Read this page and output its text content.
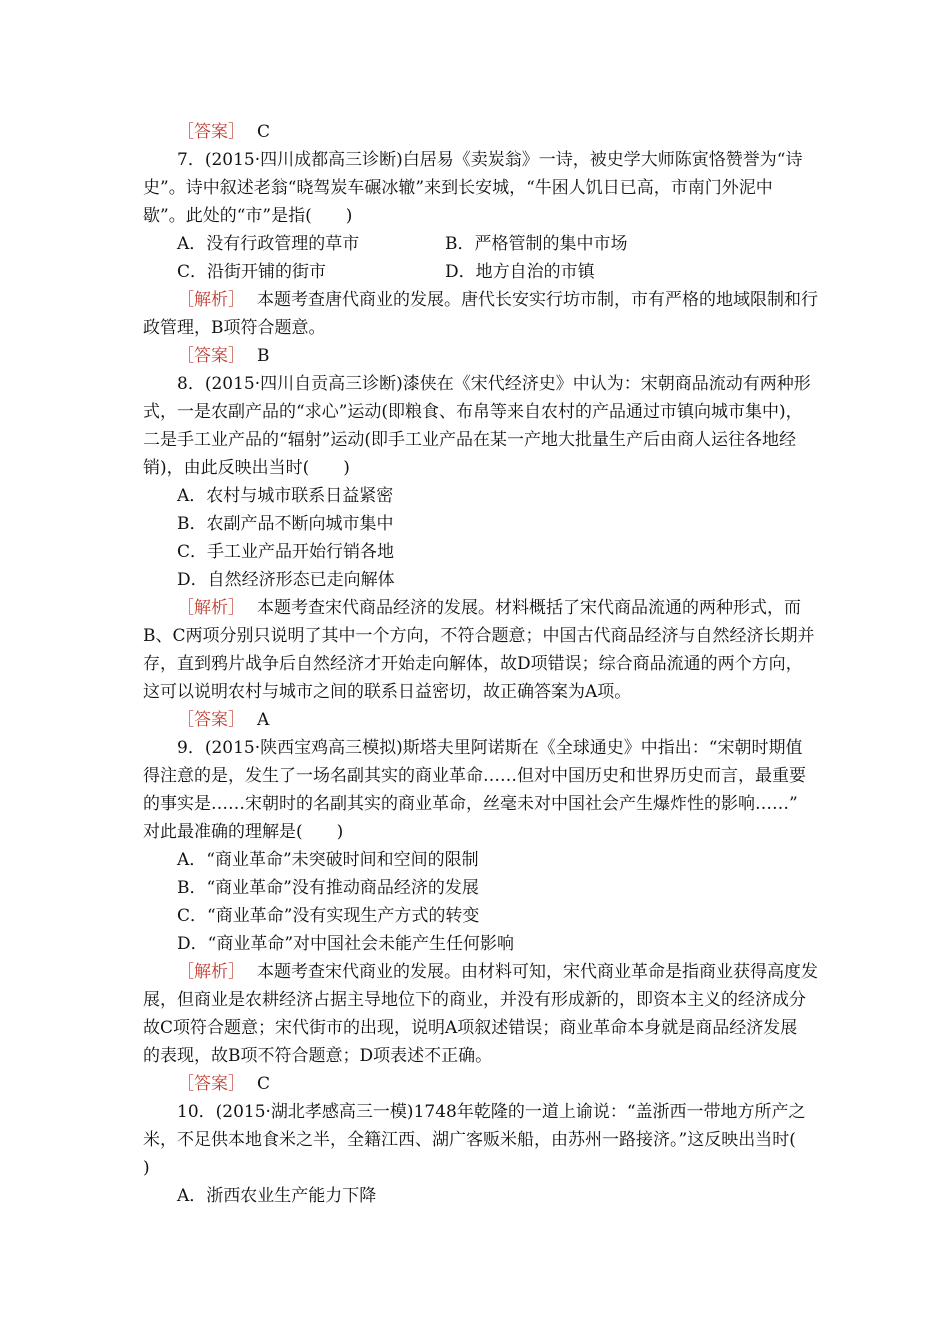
［答案］ C
7．(2015·四川成都高三诊断)白居易《卖炭翁》一诗，被史学大师陈寅恪赞誉为“诗
史”。诗中叙述老翁“晓驾炭车碾冰辙”来到长安城，“牛困人饥日已高，市南门外泥中
歇”。此处的“市”是指(　　)
A．没有行政管理的草市	B．严格管制的集中市场
C．沿街开铺的街市	D．地方自治的市镇
［解析］ 本题考查唐代商业的发展。唐代长安实行坊市制，市有严格的地域限制和行
政管理，B项符合题意。
［答案］ B
8．(2015·四川自贡高三诊断)漆侠在《宋代经济史》中认为：宋朝商品流动有两种形
式，一是农副产品的“求心”运动(即粮食、布帛等来自农村的产品通过市镇向城市集中)，
二是手工业产品的“辐射”运动(即手工业产品在某一产地大批量生产后由商人运往各地经
销)，由此反映出当时(　　)
A．农村与城市联系日益紧密
B．农副产品不断向城市集中
C．手工业产品开始行销各地
D．自然经济形态已走向解体
［解析］ 本题考查宋代商品经济的发展。材料概括了宋代商品流通的两种形式，而
B、C两项分别只说明了其中一个方向，不符合题意；中国古代商品经济与自然经济长期并
存，直到鸦片战争后自然经济才开始走向解体，故D项错误；综合商品流通的两个方向，
这可以说明农村与城市之间的联系日益密切，故正确答案为A项。
［答案］ A
9．(2015·陕西宝鸡高三模拟)斯塔夫里阿诺斯在《全球通史》中指出：“宋朝时期值
得注意的是，发生了一场名副其实的商业革命……但对中国历史和世界历史而言，最重要
的事实是……宋朝时的名副其实的商业革命，丝毫未对中国社会产生爆炸性的影响……”
对此最准确的理解是(　　)
A．“商业革命”未突破时间和空间的限制
B．“商业革命”没有推动商品经济的发展
C．“商业革命”没有实现生产方式的转变
D．“商业革命”对中国社会未能产生任何影响
［解析］ 本题考查宋代商业的发展。由材料可知，宋代商业革命是指商业获得高度发
展，但商业是农耕经济占据主导地位下的商业，并没有形成新的，即资本主义的经济成分
故C项符合题意；宋代街市的出现，说明A项叙述错误；商业革命本身就是商品经济发展
的表现，故B项不符合题意；D项表述不正确。
［答案］ C
10．(2015·湖北孝感高三一模)1748年乾隆的一道上谕说：“盖浙西一带地方所产之
米，不足供本地食米之半，全籍江西、湖广客贩米船，由苏州一路接济。”这反映出当时(
)
A．浙西农业生产能力下降
